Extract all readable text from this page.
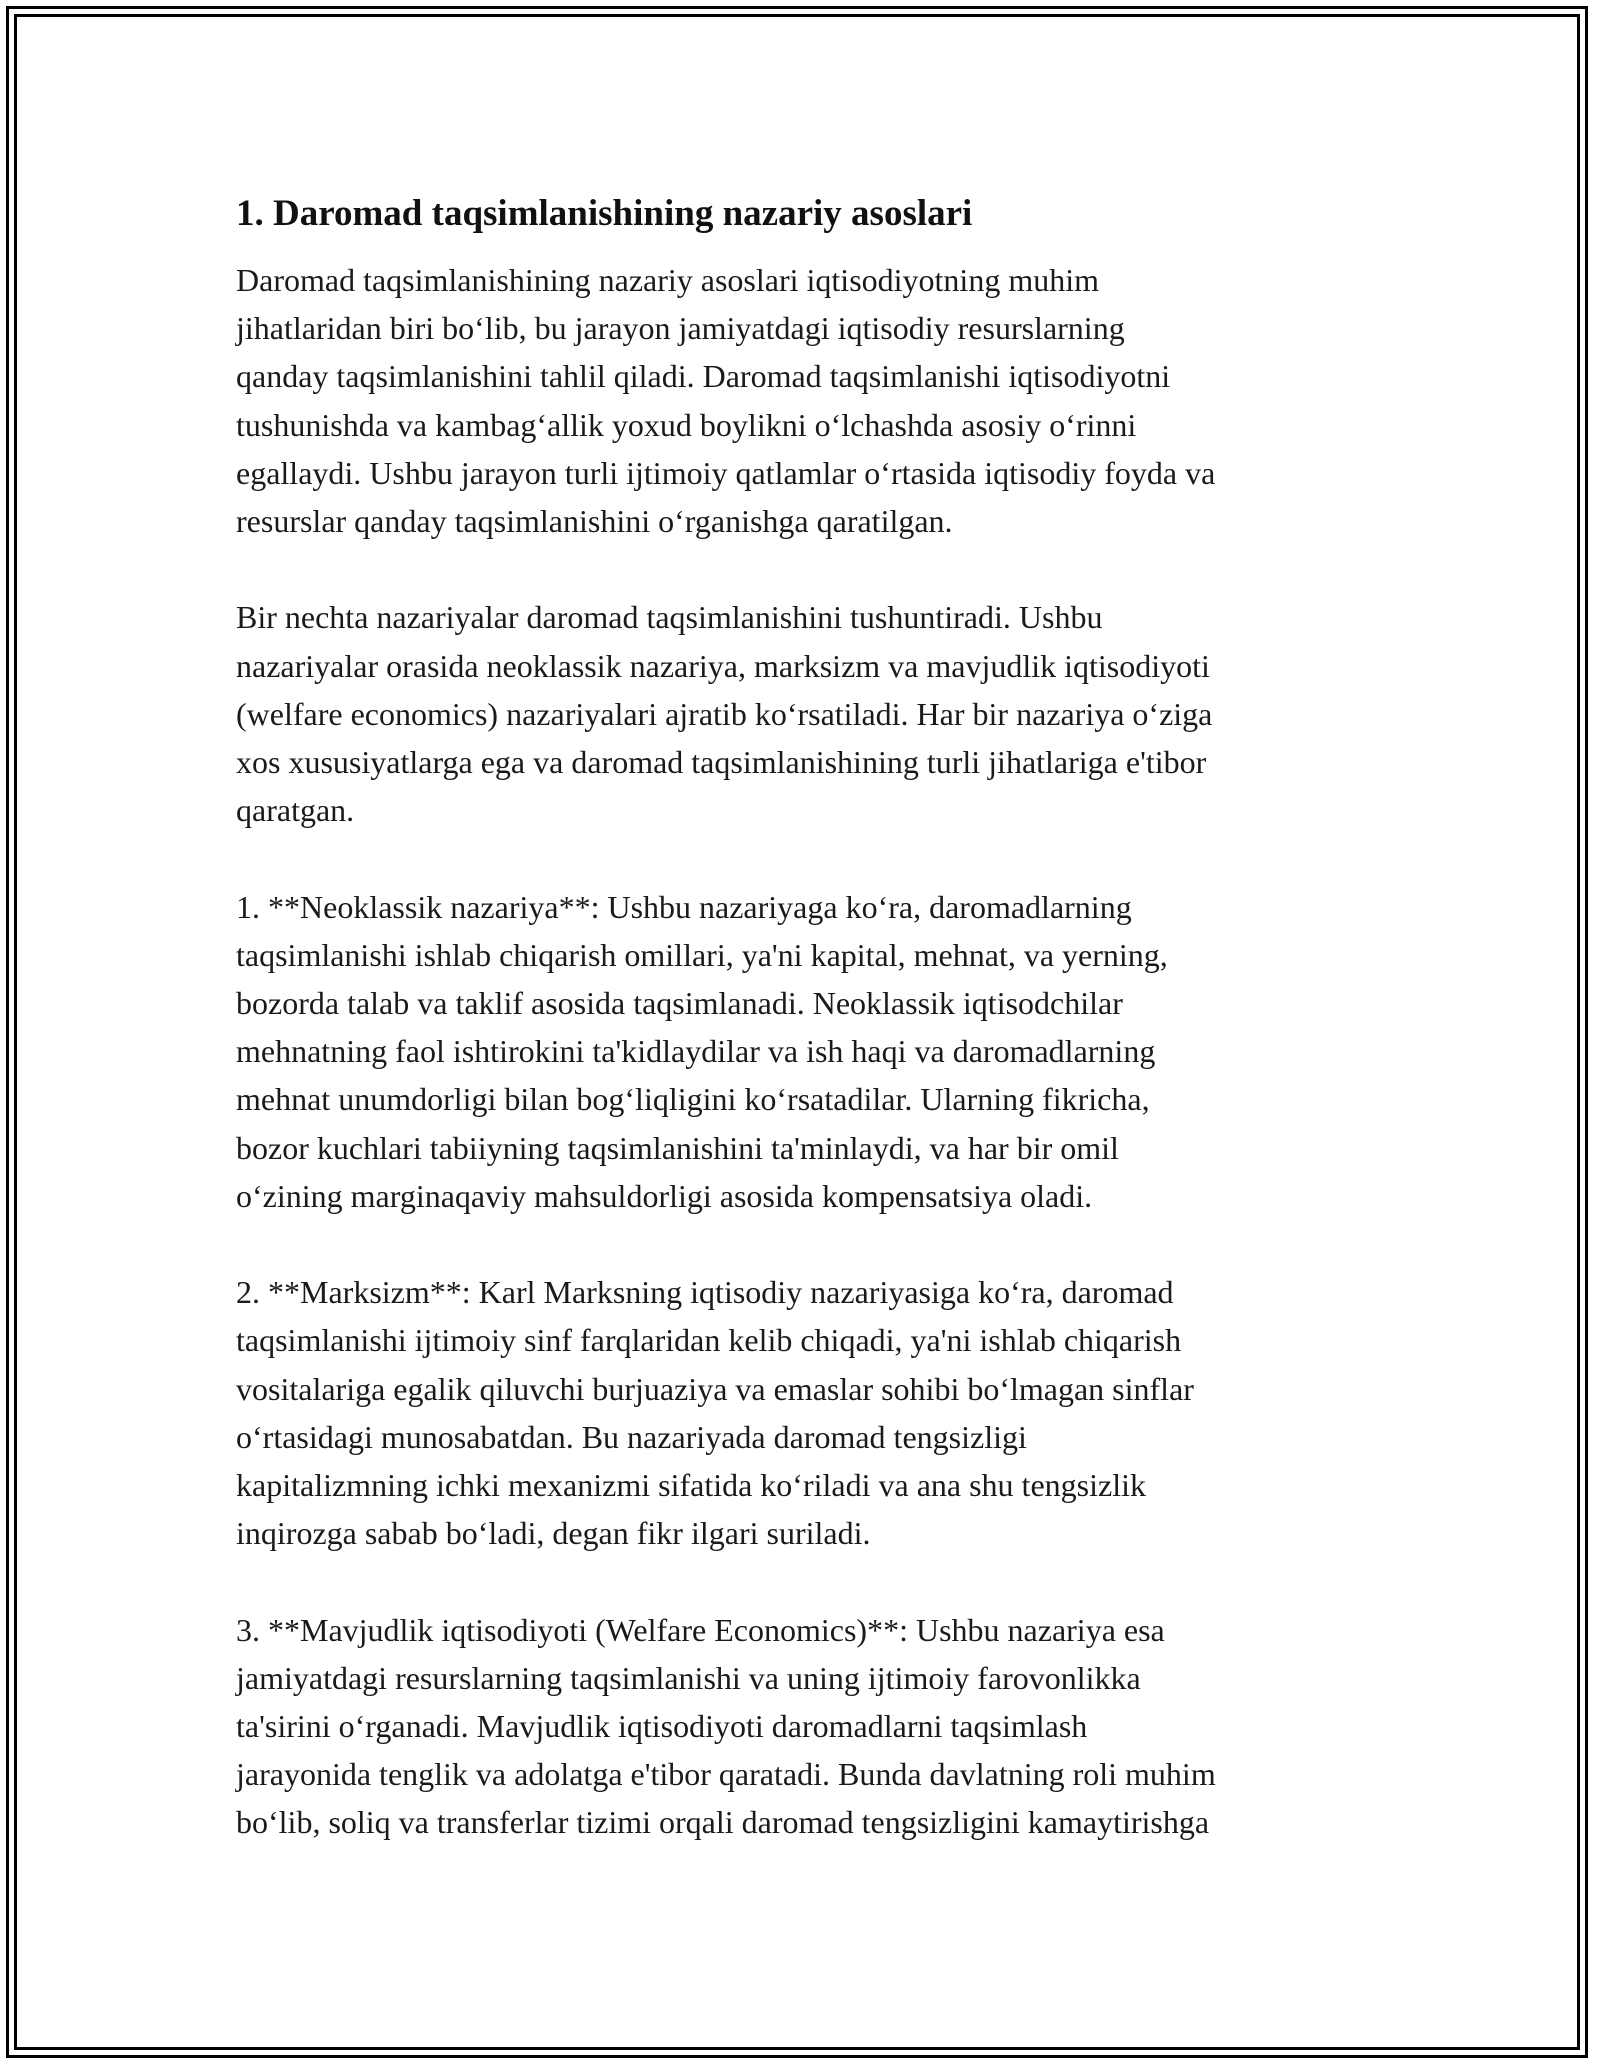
1. Daromad taqsimlanishining nazariy asoslari

Daromad taqsimlanishining nazariy asoslari iqtisodiyotning muhim
jihatlaridan biri bo‘lib, bu jarayon jamiyatdagi iqtisodiy resurslarning
qanday taqsimlanishini tahlil qiladi. Daromad taqsimlanishi iqtisodiyotni
tushunishda va kambag‘allik yoxud boylikni o‘lchashda asosiy o‘rinni
egallaydi. Ushbu jarayon turli ijtimoiy qatlamlar o‘rtasida iqtisodiy foyda va
resurslar qanday taqsimlanishini o‘rganishga qaratilgan.

Bir nechta nazariyalar daromad taqsimlanishini tushuntiradi. Ushbu
nazariyalar orasida neoklassik nazariya, marksizm va mavjudlik iqtisodiyoti
(welfare economics) nazariyalari ajratib ko‘rsatiladi. Har bir nazariya o‘ziga
xos xususiyatlarga ega va daromad taqsimlanishining turli jihatlariga e'tibor
qaratgan.

1. **Neoklassik nazariya**: Ushbu nazariyaga ko‘ra, daromadlarning
taqsimlanishi ishlab chiqarish omillari, ya'ni kapital, mehnat, va yerning,
bozorda talab va taklif asosida taqsimlanadi. Neoklassik iqtisodchilar
mehnatning faol ishtirokini ta'kidlaydilar va ish haqi va daromadlarning
mehnat unumdorligi bilan bog‘liqligini ko‘rsatadilar. Ularning fikricha,
bozor kuchlari tabiiyning taqsimlanishini ta'minlaydi, va har bir omil
o‘zining marginaqaviy mahsuldorligi asosida kompensatsiya oladi.

2. **Marksizm**: Karl Marksning iqtisodiy nazariyasiga ko‘ra, daromad
taqsimlanishi ijtimoiy sinf farqlaridan kelib chiqadi, ya'ni ishlab chiqarish
vositalariga egalik qiluvchi burjuaziya va emaslar sohibi bo‘lmagan sinflar
o‘rtasidagi munosabatdan. Bu nazariyada daromad tengsizligi
kapitalizmning ichki mexanizmi sifatida ko‘riladi va ana shu tengsizlik
inqirozga sabab bo‘ladi, degan fikr ilgari suriladi.

3. **Mavjudlik iqtisodiyoti (Welfare Economics)**: Ushbu nazariya esa
jamiyatdagi resurslarning taqsimlanishi va uning ijtimoiy farovonlikka
ta'sirini o‘rganadi. Mavjudlik iqtisodiyoti daromadlarni taqsimlash
jarayonida tenglik va adolatga e'tibor qaratadi. Bunda davlatning roli muhim
bo‘lib, soliq va transferlar tizimi orqali daromad tengsizligini kamaytirishga
